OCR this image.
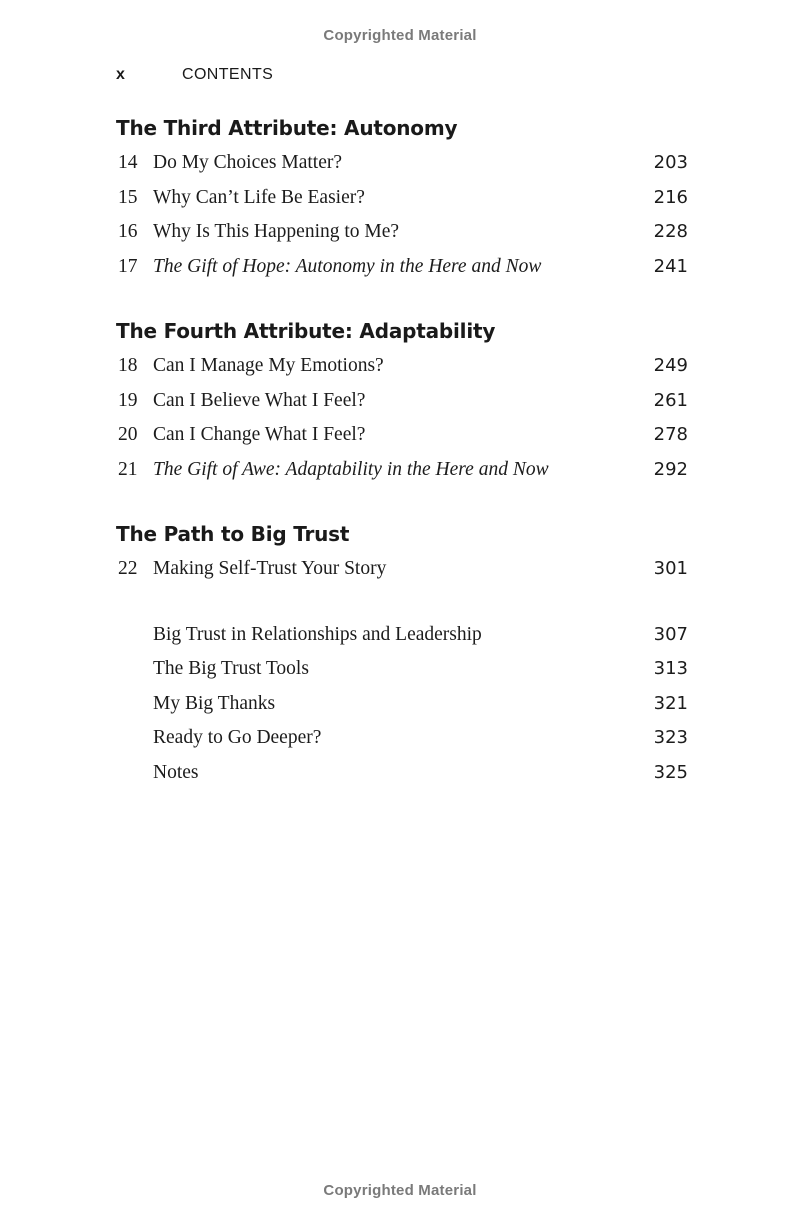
Copyrighted Material
x	CONTENTS
The Third Attribute: Autonomy
14 Do My Choices Matter?	203
15 Why Can’t Life Be Easier?	216
16 Why Is This Happening to Me?	228
17 The Gift of Hope: Autonomy in the Here and Now	241
The Fourth Attribute: Adaptability
18 Can I Manage My Emotions?	249
19 Can I Believe What I Feel?	261
20 Can I Change What I Feel?	278
21 The Gift of Awe: Adaptability in the Here and Now	292
The Path to Big Trust
22 Making Self-Trust Your Story	301
Big Trust in Relationships and Leadership	307
The Big Trust Tools	313
My Big Thanks	321
Ready to Go Deeper?	323
Notes	325
Copyrighted Material
